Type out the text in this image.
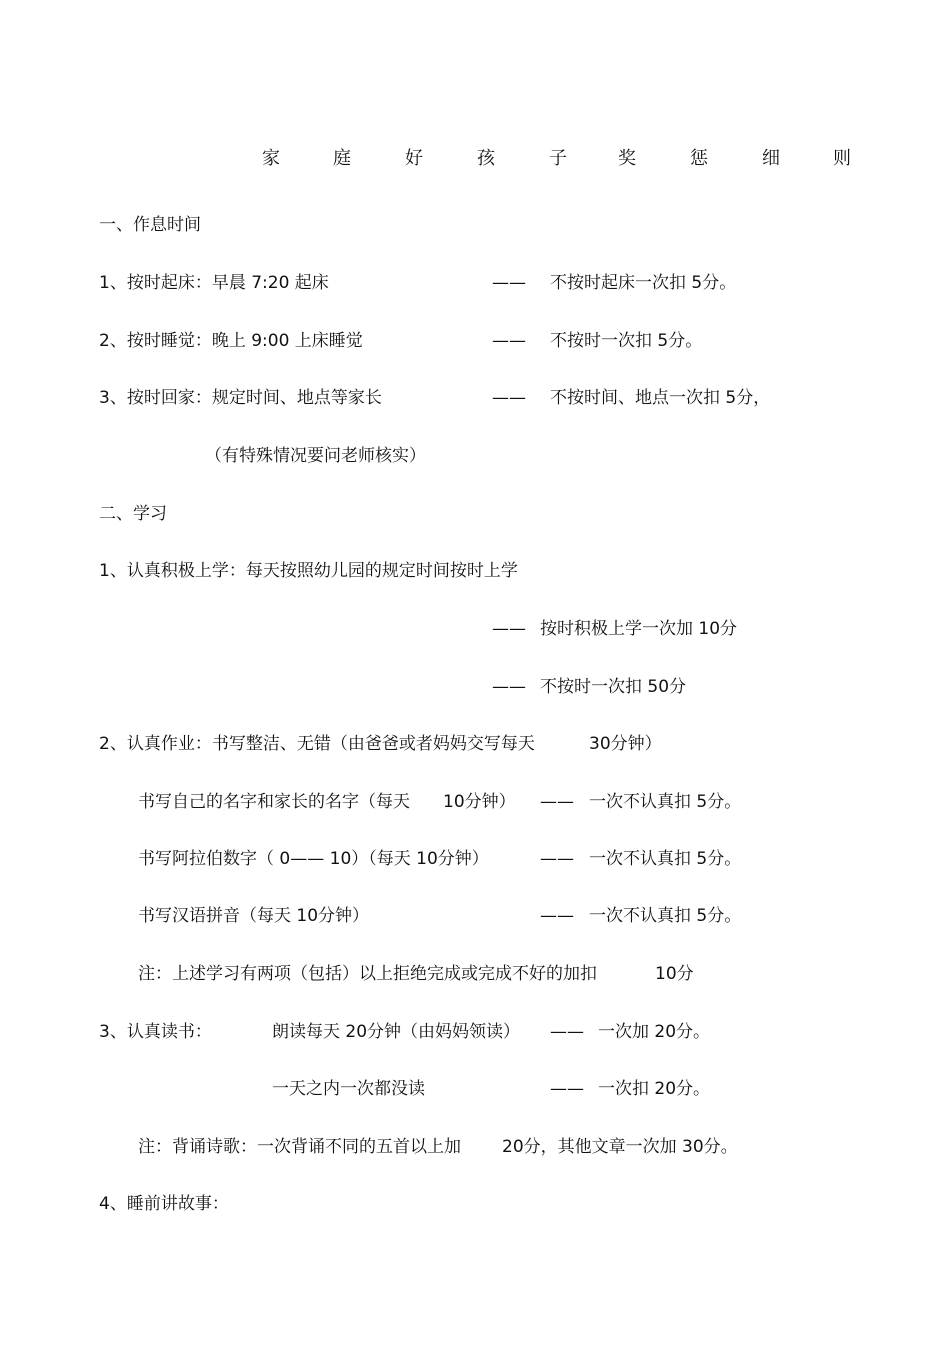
家	庭	好	孩	子	奖	惩	细	则
一、作息时间
1、按时起床：早晨 7:20 起床	—— 不按时起床一次扣 5分。
2、按时睡觉：晚上 9:00 上床睡觉	—— 不按时一次扣 5分。
3、按时回家：规定时间、地点等家长	—— 不按时间、地点一次扣 5分，
（有特殊情况要问老师核实）
二、学习
1、认真积极上学：每天按照幼儿园的规定时间按时上学
—— 按时积极上学一次加 10分
—— 不按时一次扣 50分
2、认真作业：书写整洁、无错（由爸爸或者妈妈交写每天	30分钟）
书写自己的名字和家长的名字（每天 10分钟） —— 一次不认真扣 5分。
书写阿拉伯数字（ 0—— 10）（每天 10分钟）	—— 一次不认真扣 5分。
书写汉语拼音（每天 10分钟）	—— 一次不认真扣 5分。
注：上述学习有两项（包括）以上拒绝完成或完成不好的加扣	10分
3、认真读书：	朗读每天 20分钟（由妈妈领读） —— 一次加 20分。
一天之内一次都没读	—— 一次扣 20分。
注：背诵诗歌：一次背诵不同的五首以上加 20分，其他文章一次加 30分。
4、睡前讲故事：
